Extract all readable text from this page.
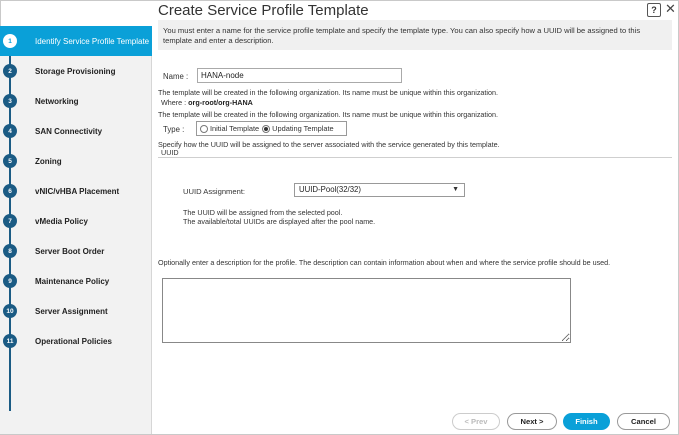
Create Service Profile Template	? ✕
1	Identify Service Profile Template
2	Storage Provisioning
3	Networking
4	SAN Connectivity
5	Zoning
6	vNIC/vHBA Placement
7	vMedia Policy
8	Server Boot Order
9	Maintenance Policy
10	Server Assignment
11	Operational Policies
You must enter a name for the service profile template and specify the template type. You can also specify how a UUID will be assigned to this
template and enter a description.
Name :
HANA-node
The template will be created in the following organization. Its name must be unique within this organization.
Where : org-root/org-HANA
The template will be created in the following organization. Its name must be unique within this organization.
Type :	Initial Template Updating Template
Specify how the UUID will be assigned to the server associated with the service generated by this template.
UUID
UUID Assignment:	UUID-Pool(32/32)	▼
The UUID will be assigned from the selected pool.
The available/total UUIDs are displayed after the pool name.
Optionally enter a description for the profile. The description can contain information about when and where the service profile should be used.
< Prev	Next >	Finish	Cancel
